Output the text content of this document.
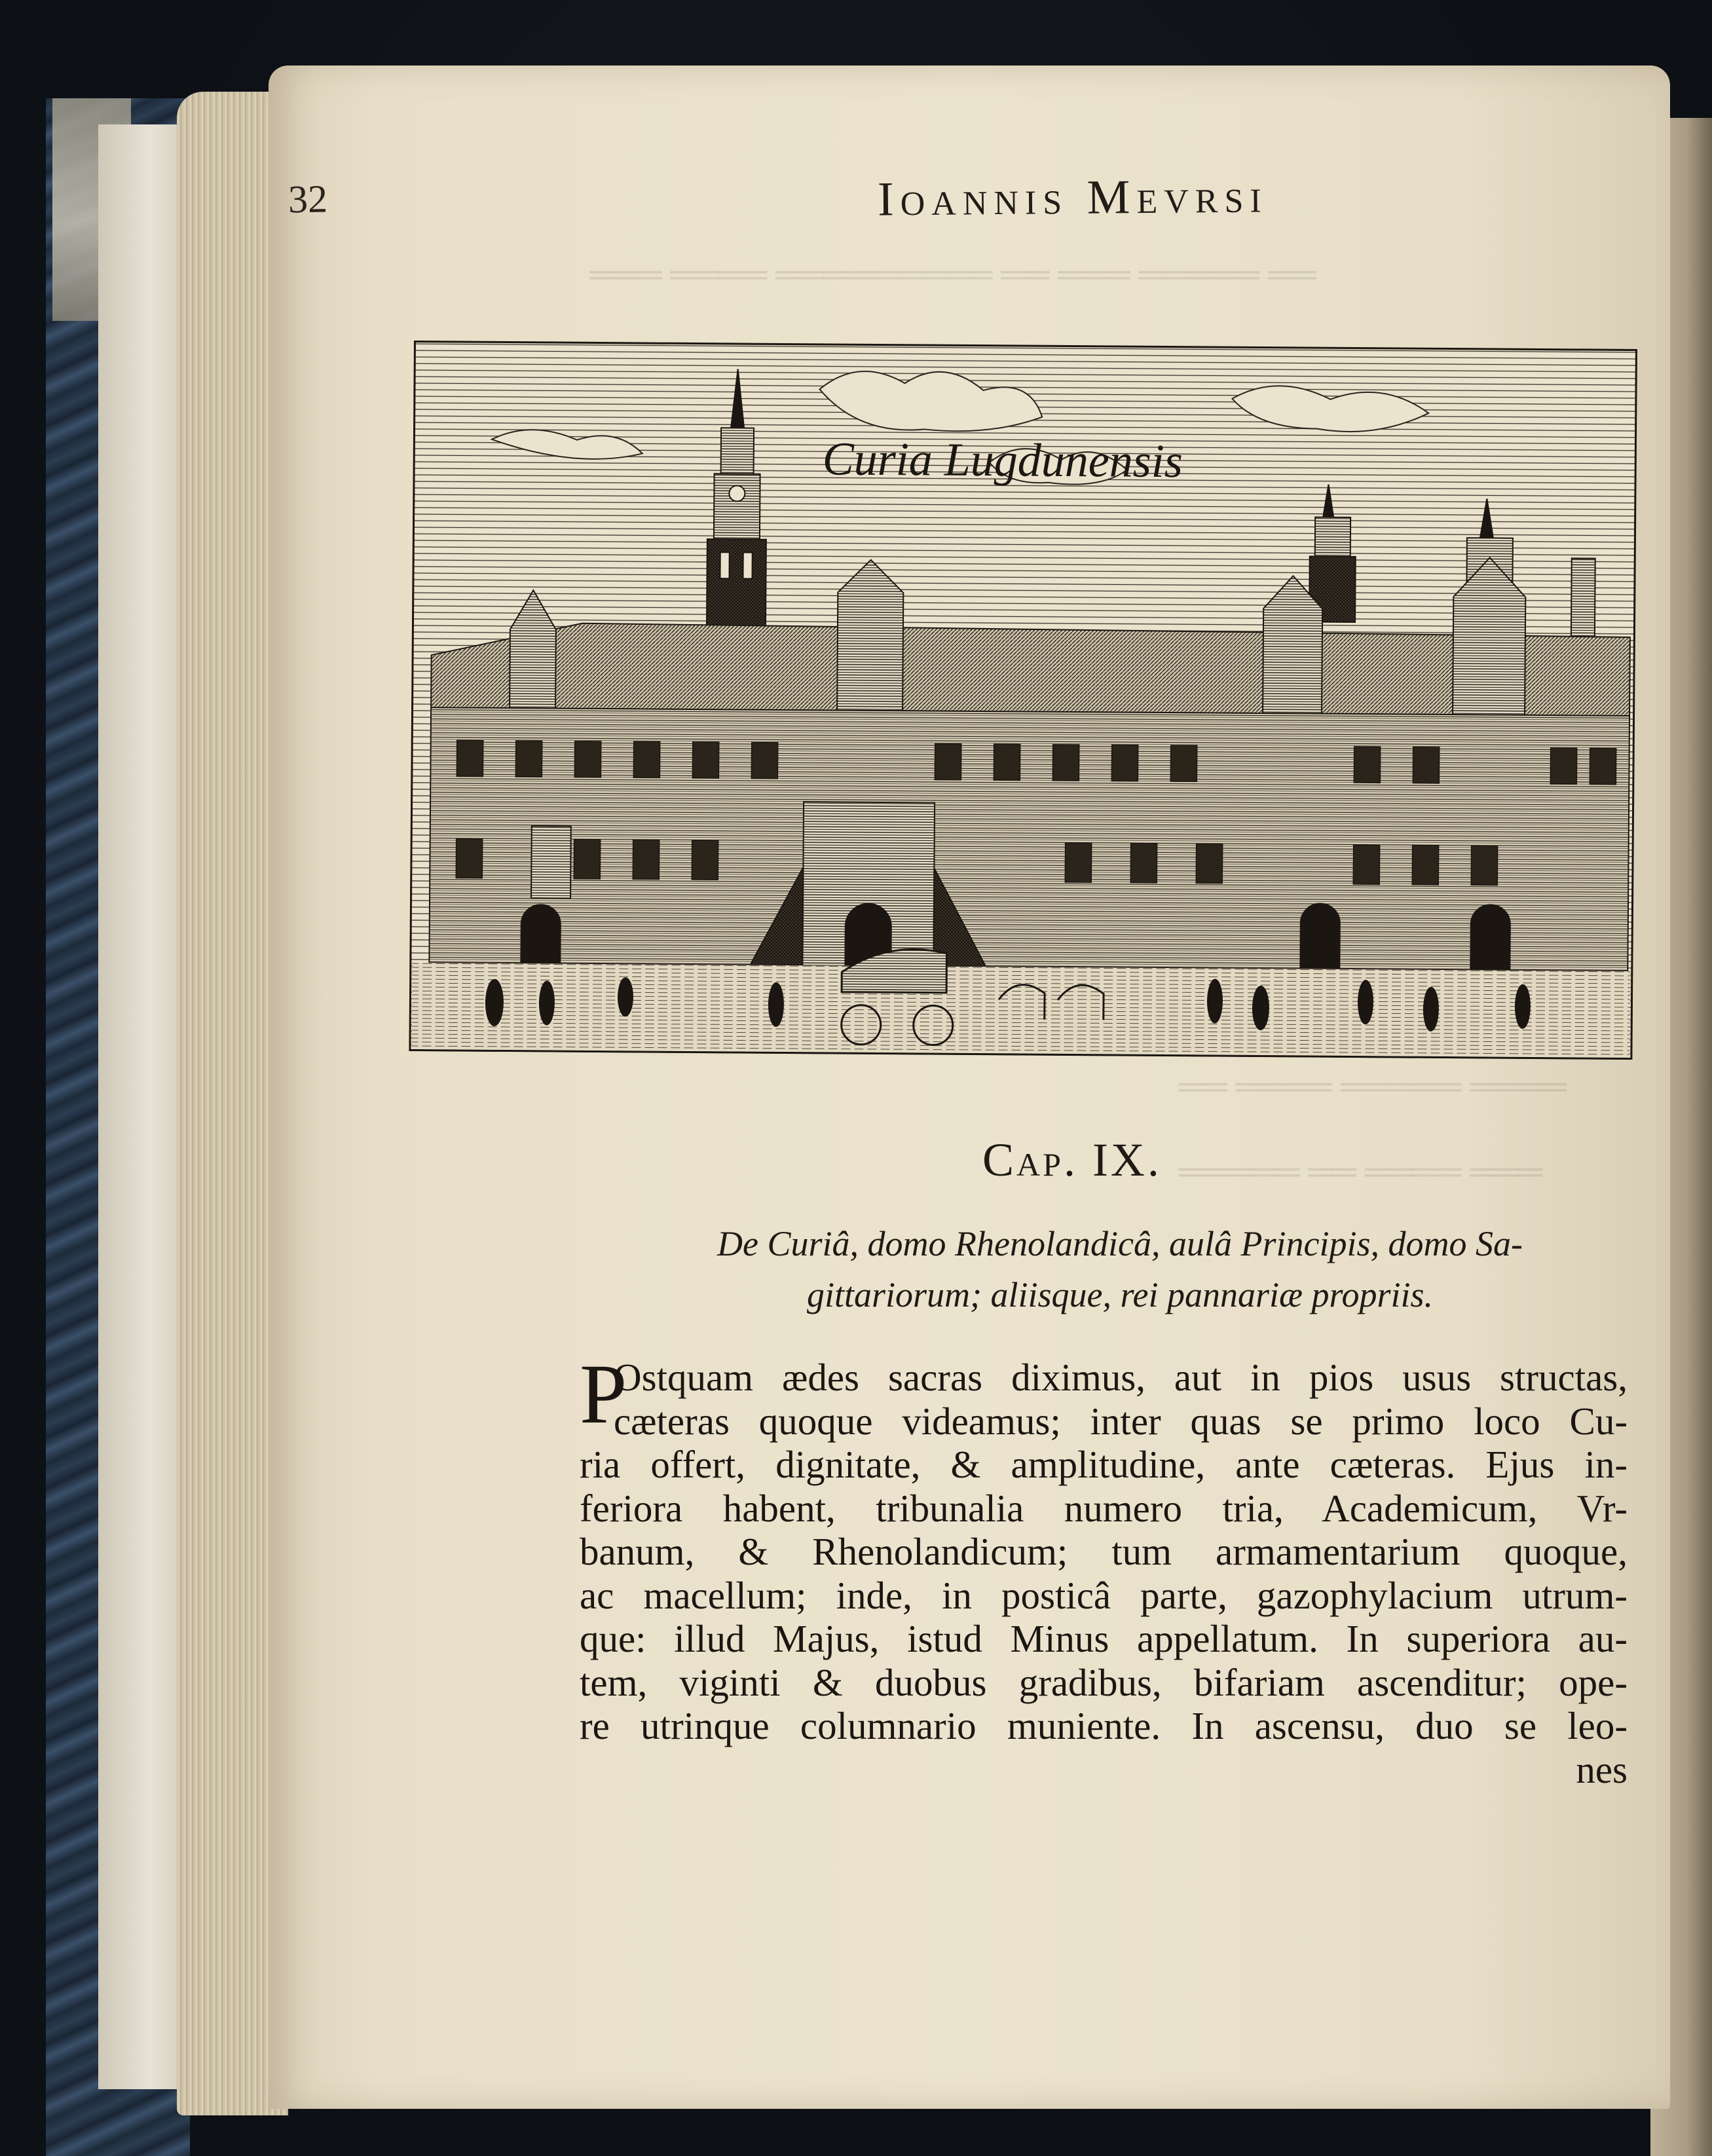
══ ═════ ═══ ══ ═════════ ════ ═══
════ ═════ ════ ══
═══ ════ ══ ═════
32	Ioannis Mevrsi
Curia Lugdunensis
Cap. IX.
De Curiâ, domo Rhenolandicâ, aulâ Principis, domo Sa-
gittariorum; aliisque, rei pannariæ propriis.
P
Ostquam ædes sacras diximus, aut in pios usus structas,
cæteras quoque videamus; inter quas se primo loco Cu-
ria offert, dignitate, & amplitudine, ante cæteras. Ejus in-
feriora habent, tribunalia numero tria, Academicum, Vr-
banum, & Rhenolandicum; tum armamentarium quoque,
ac macellum; inde, in posticâ parte, gazophylacium utrum-
que: illud Majus, istud Minus appellatum. In superiora au-
tem, viginti & duobus gradibus, bifariam ascenditur; ope-
re utrinque columnario muniente. In ascensu, duo se leo-
nes
